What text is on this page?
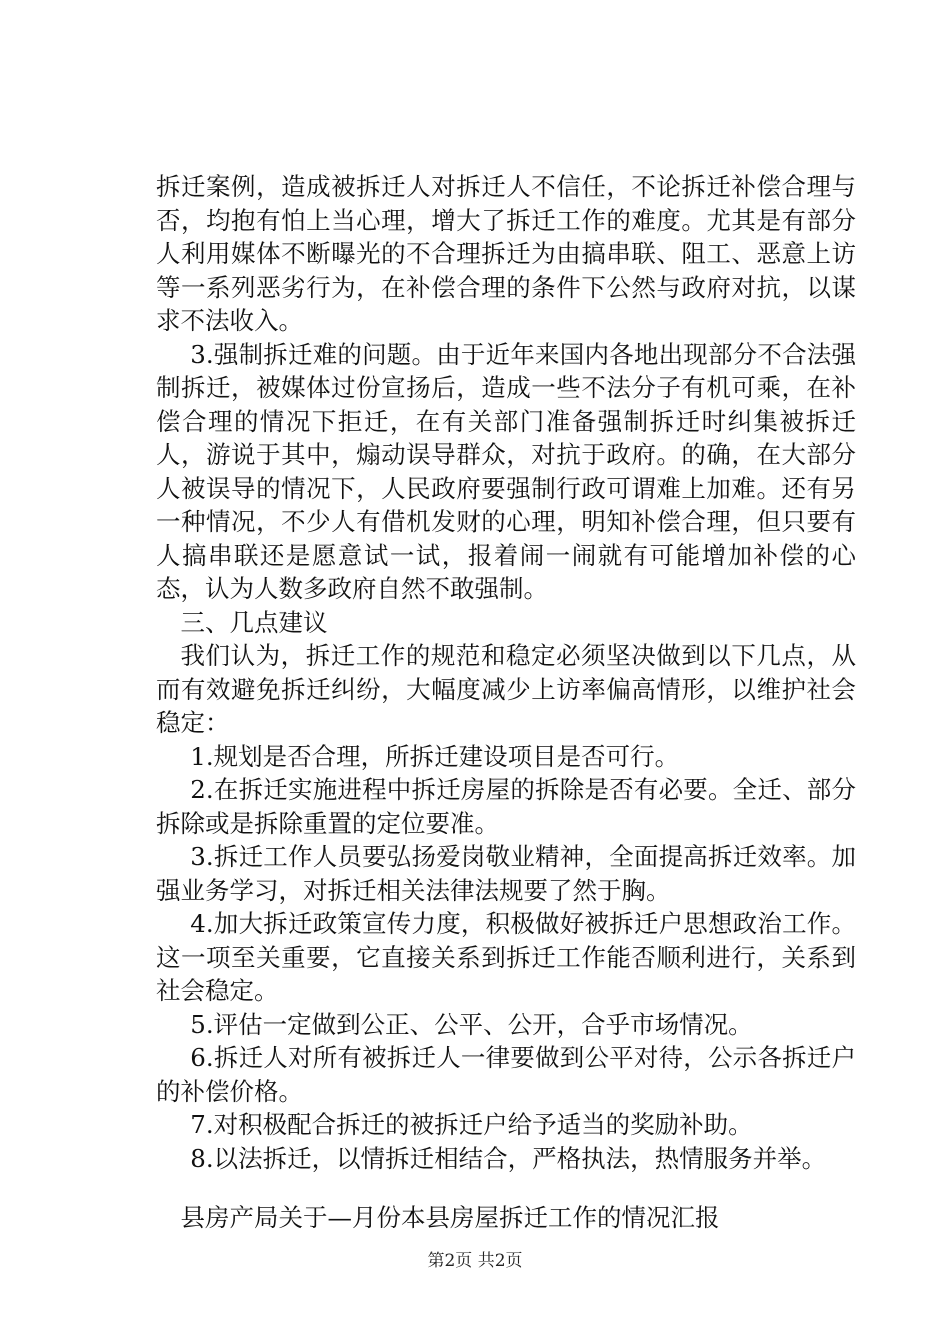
拆迁案例，造成被拆迁人对拆迁人不信任，不论拆迁补偿合理与否，均抱有怕上当心理，增大了拆迁工作的难度。尤其是有部分人利用媒体不断曝光的不合理拆迁为由搞串联、阻工、恶意上访等一系列恶劣行为，在补偿合理的条件下公然与政府对抗，以谋求不法收入。

3.强制拆迁难的问题。由于近年来国内各地出现部分不合法强制拆迁，被媒体过份宣扬后，造成一些不法分子有机可乘，在补偿合理的情况下拒迁，在有关部门准备强制拆迁时纠集被拆迁人，游说于其中，煽动误导群众，对抗于政府。的确，在大部分人被误导的情况下，人民政府要强制行政可谓难上加难。还有另一种情况，不少人有借机发财的心理，明知补偿合理，但只要有人搞串联还是愿意试一试，报着闹一闹就有可能增加补偿的心态，认为人数多政府自然不敢强制。

三、几点建议

我们认为，拆迁工作的规范和稳定必须坚决做到以下几点，从而有效避免拆迁纠纷，大幅度减少上访率偏高情形，以维护社会稳定：

1.规划是否合理，所拆迁建设项目是否可行。

2.在拆迁实施进程中拆迁房屋的拆除是否有必要。全迁、部分拆除或是拆除重置的定位要准。

3.拆迁工作人员要弘扬爱岗敬业精神，全面提高拆迁效率。加强业务学习，对拆迁相关法律法规要了然于胸。

4.加大拆迁政策宣传力度，积极做好被拆迁户思想政治工作。这一项至关重要，它直接关系到拆迁工作能否顺利进行，关系到社会稳定。

5.评估一定做到公正、公平、公开，合乎市场情况。

6.拆迁人对所有被拆迁人一律要做到公平对待，公示各拆迁户的补偿价格。

7.对积极配合拆迁的被拆迁户给予适当的奖励补助。

8.以法拆迁，以情拆迁相结合，严格执法，热情服务并举。

县房产局关于—月份本县房屋拆迁工作的情况汇报

第2页 共2页
